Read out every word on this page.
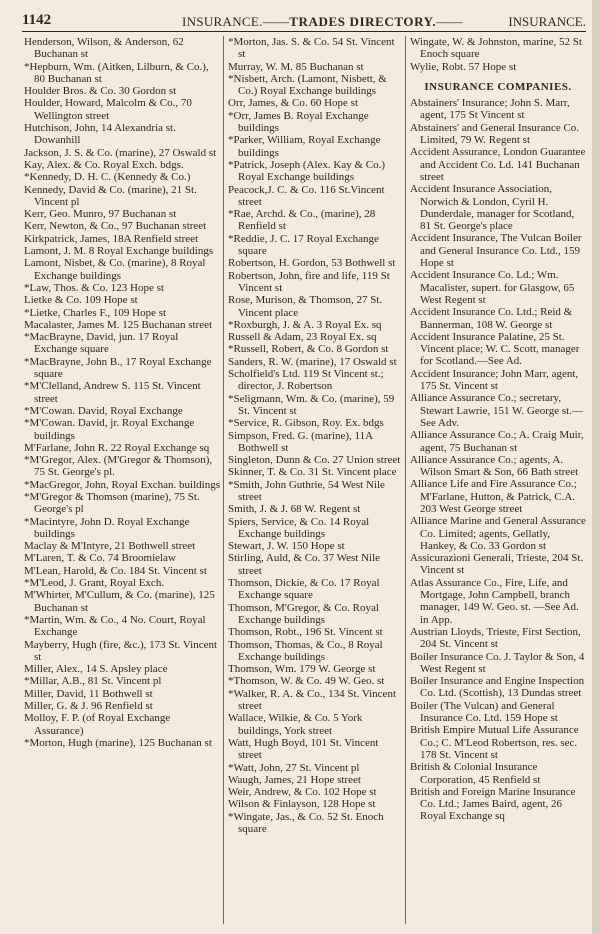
1142	INSURANCE.——TRADES DIRECTORY.——	INSURANCE.

Henderson, Wilson, & Anderson, 62 Buchanan st

*Hepburn, Wm. (Aitken, Lilburn, & Co.), 80 Buchanan st

Houlder Bros. & Co. 30 Gordon st

Houlder, Howard, Malcolm & Co., 70 Wellington street

Hutchison, John, 14 Alexandria st. Dowanhill

Jackson, J. S. & Co. (marine), 27 Oswald st

Kay, Alex. & Co. Royal Exch. bdgs.

*Kennedy, D. H. C. (Kennedy & Co.)

Kennedy, David & Co. (marine), 21 St. Vincent pl

Kerr, Geo. Munro, 97 Buchanan st

Kerr, Newton, & Co., 97 Buchanan street

Kirkpatrick, James, 18A Renfield street

Lamont, J. M. 8 Royal Exchange buildings

Lamont, Nisbet, & Co. (marine), 8 Royal Exchange buildings

*Law, Thos. & Co. 123 Hope st

Lietke & Co. 109 Hope st

*Lietke, Charles F., 109 Hope st

Macalaster, James M. 125 Buchanan street

*MacBrayne, David, jun. 17 Royal Exchange square

*MacBrayne, John B., 17 Royal Exchange square

*M'Clelland, Andrew S. 115 St. Vincent street

*M'Cowan. David, Royal Exchange

*M'Cowan. David, jr. Royal Exchange buildings

M'Farlane, John R. 22 Royal Exchange sq

*M'Gregor, Alex. (M'Gregor & Thomson), 75 St. George's pl.

*MacGregor, John, Royal Exchan. buildings

*M'Gregor & Thomson (marine), 75 St. George's pl

*Macintyre, John D. Royal Exchange buildings

Maclay & M'Intyre, 21 Bothwell street

M'Laren, T. & Co. 74 Broomielaw

M'Lean, Harold, & Co. 184 St. Vincent st

*M'Leod, J. Grant, Royal Exch.

M'Whirter, M'Cullum, & Co. (marine), 125 Buchanan st

*Martin, Wm. & Co., 4 No. Court, Royal Exchange

Mayberry, Hugh (fire, &c.), 173 St. Vincent st

Miller, Alex., 14 S. Apsley place

*Millar, A.B., 81 St. Vincent pl

Miller, David, 11 Bothwell st

Miller, G. & J. 96 Renfield st

Molloy, F. P. (of Royal Exchange Assurance)

*Morton, Hugh (marine), 125 Buchanan st

*Morton, Jas. S. & Co. 54 St. Vincent st

Murray, W. M. 85 Buchanan st

*Nisbett, Arch. (Lamont, Nisbett, & Co.) Royal Exchange buildings

Orr, James, & Co. 60 Hope st

*Orr, James B. Royal Exchange buildings

*Parker, William, Royal Exchange buildings

*Patrick, Joseph (Alex. Kay & Co.) Royal Exchange buildings

Peacock,J. C. & Co. 116 St.Vincent street

*Rae, Archd. & Co., (marine), 28 Renfield st

*Reddie, J. C. 17 Royal Exchange square

Robertson, H. Gordon, 53 Bothwell st

Robertson, John, fire and life, 119 St Vincent st

Rose, Murison, & Thomson, 27 St. Vincent place

*Roxburgh, J. & A. 3 Royal Ex. sq

Russell & Adam, 23 Royal Ex. sq

*Russell, Robert, & Co. 8 Gordon st

Sanders, R. W. (marine), 17 Oswald st

Scholfield's Ltd. 119 St Vincent st.; director, J. Robertson

*Seligmann, Wm. & Co. (marine), 59 St. Vincent st

*Service, R. Gibson, Roy. Ex. bdgs

Simpson, Fred. G. (marine), 11A Bothwell st

Singleton, Dunn & Co. 27 Union street

Skinner, T. & Co. 31 St. Vincent place

*Smith, John Guthrie, 54 West Nile street

Smith, J. & J. 68 W. Regent st

Spiers, Service, & Co. 14 Royal Exchange buildings

Stewart, J. W. 150 Hope st

Stirling, Auld, & Co. 37 West Nile street

Thomson, Dickie, & Co. 17 Royal Exchange square

Thomson, M'Gregor, & Co. Royal Exchange buildings

Thomson, Robt., 196 St. Vincent st

Thomson, Thomas, & Co., 8 Royal Exchange buildings

Thomson, Wm. 179 W. George st

*Thomson, W. & Co. 49 W. Geo. st

*Walker, R. A. & Co., 134 St. Vincent street

Wallace, Wilkie, & Co. 5 York buildings, York street

Watt, Hugh Boyd, 101 St. Vincent street

*Watt, John, 27 St. Vincent pl

Waugh, James, 21 Hope street

Weir, Andrew, & Co. 102 Hope st

Wilson & Finlayson, 128 Hope st

*Wingate, Jas., & Co. 52 St. Enoch square

Wingate, W. & Johnston, marine, 52 St Enoch square

Wylie, Robt. 57 Hope st

INSURANCE COMPANIES.

Abstainers' Insurance; John S. Marr, agent, 175 St Vincent st

Abstainers' and General Insurance Co. Limited, 79 W. Regent st

Accident Assurance, London Guarantee and Accident Co. Ld. 141 Buchanan street

Accident Insurance Association, Norwich & London, Cyril H. Dunderdale, manager for Scotland, 81 St. George's place

Accident Insurance, The Vulcan Boiler and General Insurance Co. Ltd., 159 Hope st

Accident Insurance Co. Ld.; Wm. Macalister, supert. for Glasgow, 65 West Regent st

Accident Insurance Co. Ltd.; Reid & Bannerman, 108 W. George st

Accident Insurance Palatine, 25 St. Vincent place; W. C. Scott, manager for Scotland.—See Ad.

Accident Insurance; John Marr, agent, 175 St. Vincent st

Alliance Assurance Co.; secretary, Stewart Lawrie, 151 W. George st.—See Adv.

Alliance Assurance Co.; A. Craig Muir, agent, 75 Buchanan st

Alliance Assurance Co.; agents, A. Wilson Smart & Son, 66 Bath street

Alliance Life and Fire Assurance Co.; M'Farlane, Hutton, & Patrick, C.A. 203 West George street

Alliance Marine and General Assurance Co. Limited; agents, Gellatly, Hankey, & Co. 33 Gordon st

Assicurazioni Generali, Trieste, 204 St. Vincent st

Atlas Assurance Co., Fire, Life, and Mortgage, John Campbell, branch manager, 149 W. Geo. st. —See Ad. in App.

Austrian Lloyds, Trieste, First Section, 204 St. Vincent st

Boiler Insurance Co. J. Taylor & Son, 4 West Regent st

Boiler Insurance and Engine Inspection Co. Ltd. (Scottish), 13 Dundas street

Boiler (The Vulcan) and General Insurance Co. Ltd. 159 Hope st

British Empire Mutual Life Assurance Co.; C. M'Leod Robertson, res. sec. 178 St. Vincent st

British & Colonial Insurance Corporation, 45 Renfield st

British and Foreign Marine Insurance Co. Ltd.; James Baird, agent, 26 Royal Exchange sq
